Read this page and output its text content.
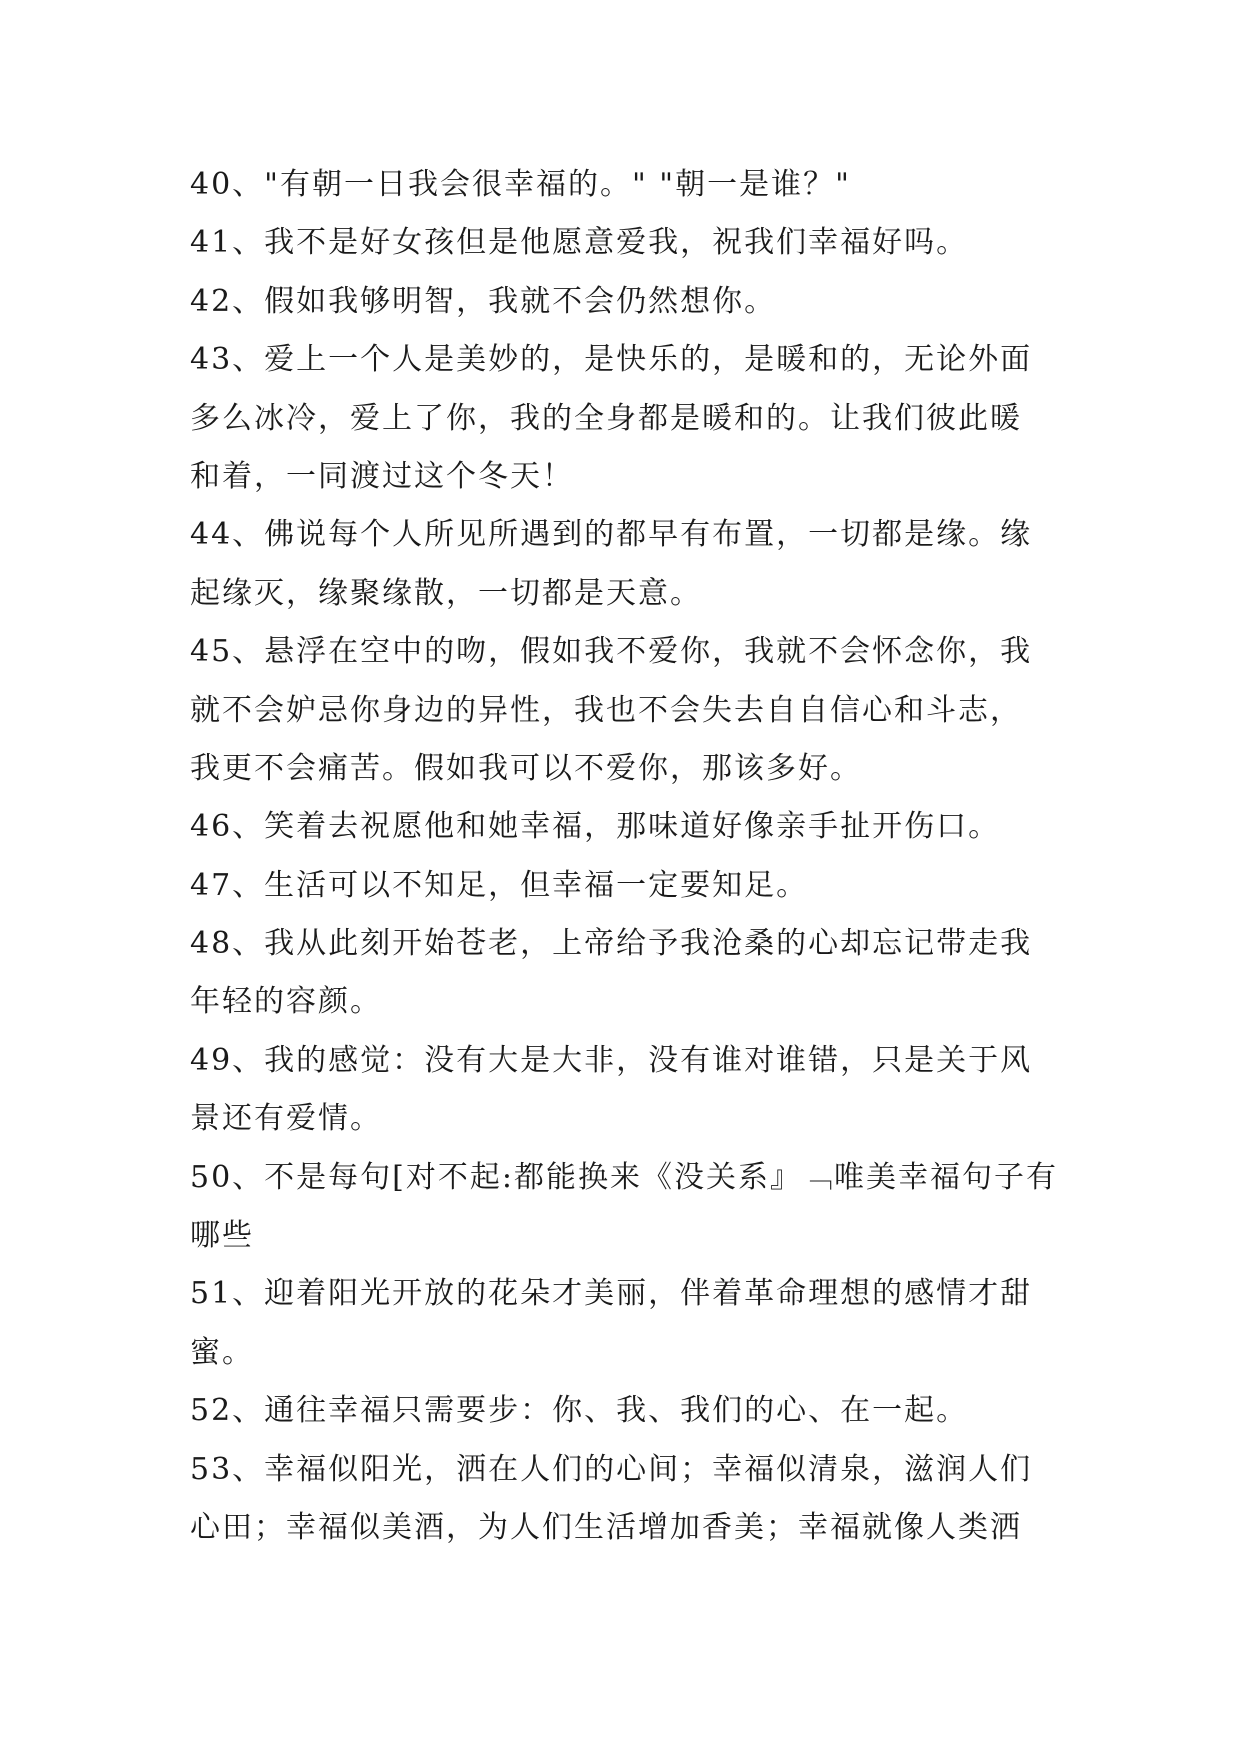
40、"有朝一日我会很幸福的。" "朝一是谁？"
41、我不是好女孩但是他愿意爱我，祝我们幸福好吗。
42、假如我够明智，我就不会仍然想你。
43、爱上一个人是美妙的，是快乐的，是暖和的，无论外面
多么冰冷，爱上了你，我的全身都是暖和的。让我们彼此暖
和着，一同渡过这个冬天！
44、佛说每个人所见所遇到的都早有布置，一切都是缘。缘
起缘灭，缘聚缘散，一切都是天意。
45、悬浮在空中的吻，假如我不爱你，我就不会怀念你，我
就不会妒忌你身边的异性，我也不会失去自自信心和斗志，
我更不会痛苦。假如我可以不爱你，那该多好。
46、笑着去祝愿他和她幸福，那味道好像亲手扯开伤口。
47、生活可以不知足，但幸福一定要知足。
48、我从此刻开始苍老，上帝给予我沧桑的心却忘记带走我
年轻的容颜。
49、我的感觉：没有大是大非，没有谁对谁错，只是关于风
景还有爱情。
50、不是每句[对不起:都能换来《没关系』﹁唯美幸福句子有
哪些
51、迎着阳光开放的花朵才美丽，伴着革命理想的感情才甜
蜜。
52、通往幸福只需要步：你、我、我们的心、在一起。
53、幸福似阳光，洒在人们的心间；幸福似清泉，滋润人们
心田；幸福似美酒，为人们生活增加香美；幸福就像人类洒
